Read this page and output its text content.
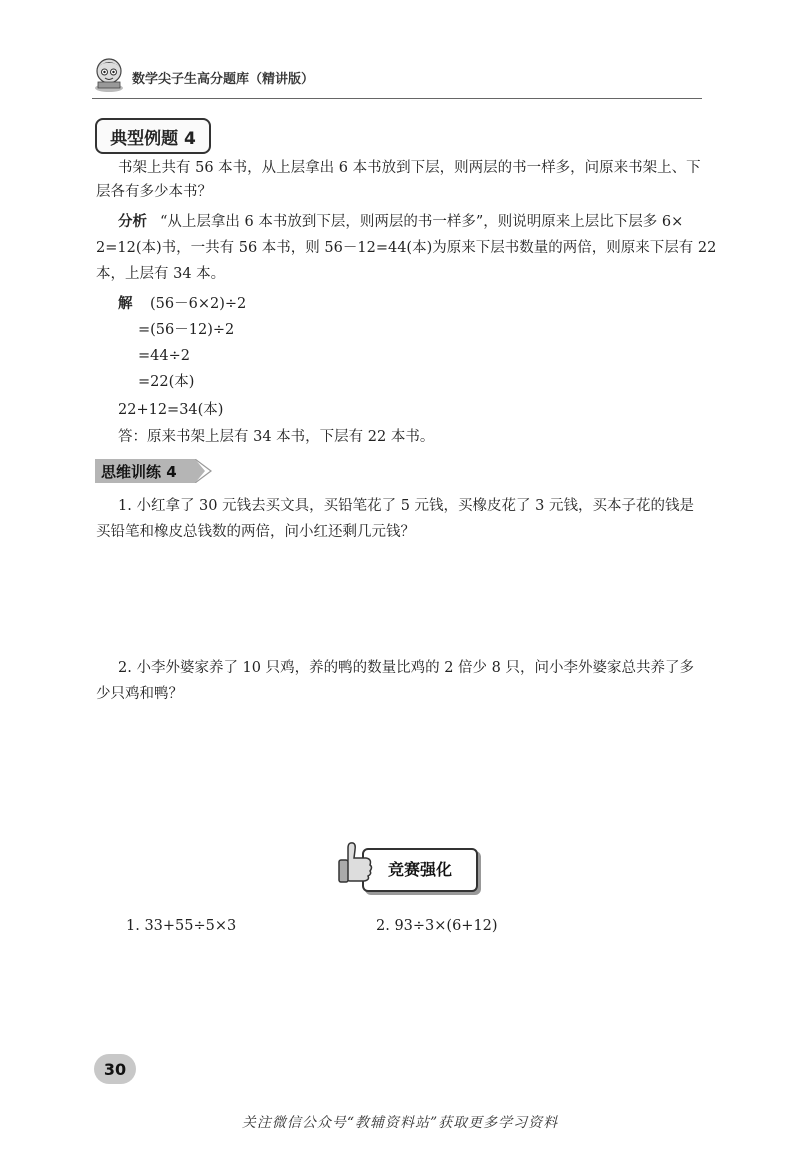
数学尖子生高分题库（精讲版）
典型例题 4
书架上共有 56 本书，从上层拿出 6 本书放到下层，则两层的书一样多，问原来书架上、下
层各有多少本书？
分析 “从上层拿出 6 本书放到下层，则两层的书一样多”，则说明原来上层比下层多 6×
2=12(本)书，一共有 56 本书，则 56－12=44(本)为原来下层书数量的两倍，则原来下层有 22
本，上层有 34 本。
解 (56－6×2)÷2
=(56－12)÷2
=44÷2
=22(本)
22+12=34(本)
答：原来书架上层有 34 本书，下层有 22 本书。
思维训练 4
1. 小红拿了 30 元钱去买文具，买铅笔花了 5 元钱，买橡皮花了 3 元钱，买本子花的钱是
买铅笔和橡皮总钱数的两倍，问小红还剩几元钱？
2. 小李外婆家养了 10 只鸡，养的鸭的数量比鸡的 2 倍少 8 只，问小李外婆家总共养了多
少只鸡和鸭？
竞赛强化
1. 33+55÷5×3	2. 93÷3×(6+12)
30
关注微信公众号“教辅资料站”获取更多学习资料
